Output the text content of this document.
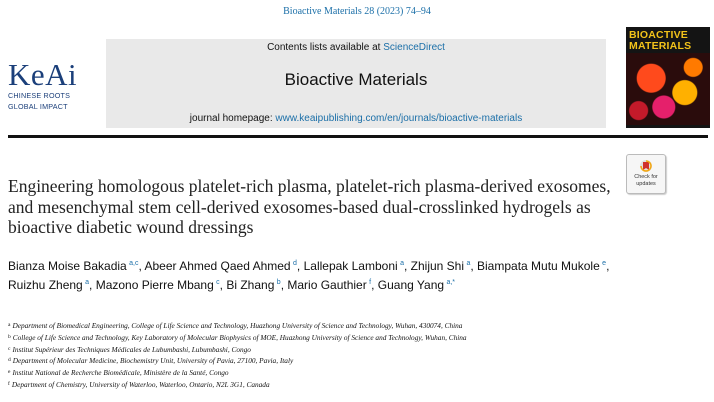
Bioactive Materials 28 (2023) 74–94
KeAi
CHINESE ROOTS
GLOBAL IMPACT
Contents lists available at ScienceDirect
Bioactive Materials
journal homepage: www.keaipublishing.com/en/journals/bioactive-materials
BIOACTIVE
MATERIALS
Check for
updates
Engineering homologous platelet-rich plasma, platelet-rich plasma-derived exosomes, and mesenchymal stem cell-derived exosomes-based dual-crosslinked hydrogels as bioactive diabetic wound dressings
Bianza Moise Bakadia  $^{a,c}$, Abeer Ahmed Qaed Ahmed  $^d$, Lallepak Lamboni  $^a$, Zhijun Shi  $^a$, Biampata Mutu Mukole  $^e$, Ruizhu Zheng  $^a$, Mazono Pierre Mbang  $^c$, Bi Zhang  $^b$, Mario Gauthier  $^f$, Guang Yang  $^{a,*}$
$^a$ Department of Biomedical Engineering, College of Life Science and Technology, Huazhong University of Science and Technology, Wuhan, 430074, China
$^b$ College of Life Science and Technology, Key Laboratory of Molecular Biophysics of MOE, Huazhong University of Science and Technology, Wuhan, China
$^c$ Institut Supérieur des Techniques Médicales de Lubumbashi, Lubumbashi, Congo
$^d$ Department of Molecular Medicine, Biochemistry Unit, University of Pavia, 27100, Pavia, Italy
$^e$ Institut National de Recherche Biomédicale, Ministère de la Santé, Congo
$^f$ Department of Chemistry, University of Waterloo, Waterloo, Ontario, N2L 3G1, Canada
